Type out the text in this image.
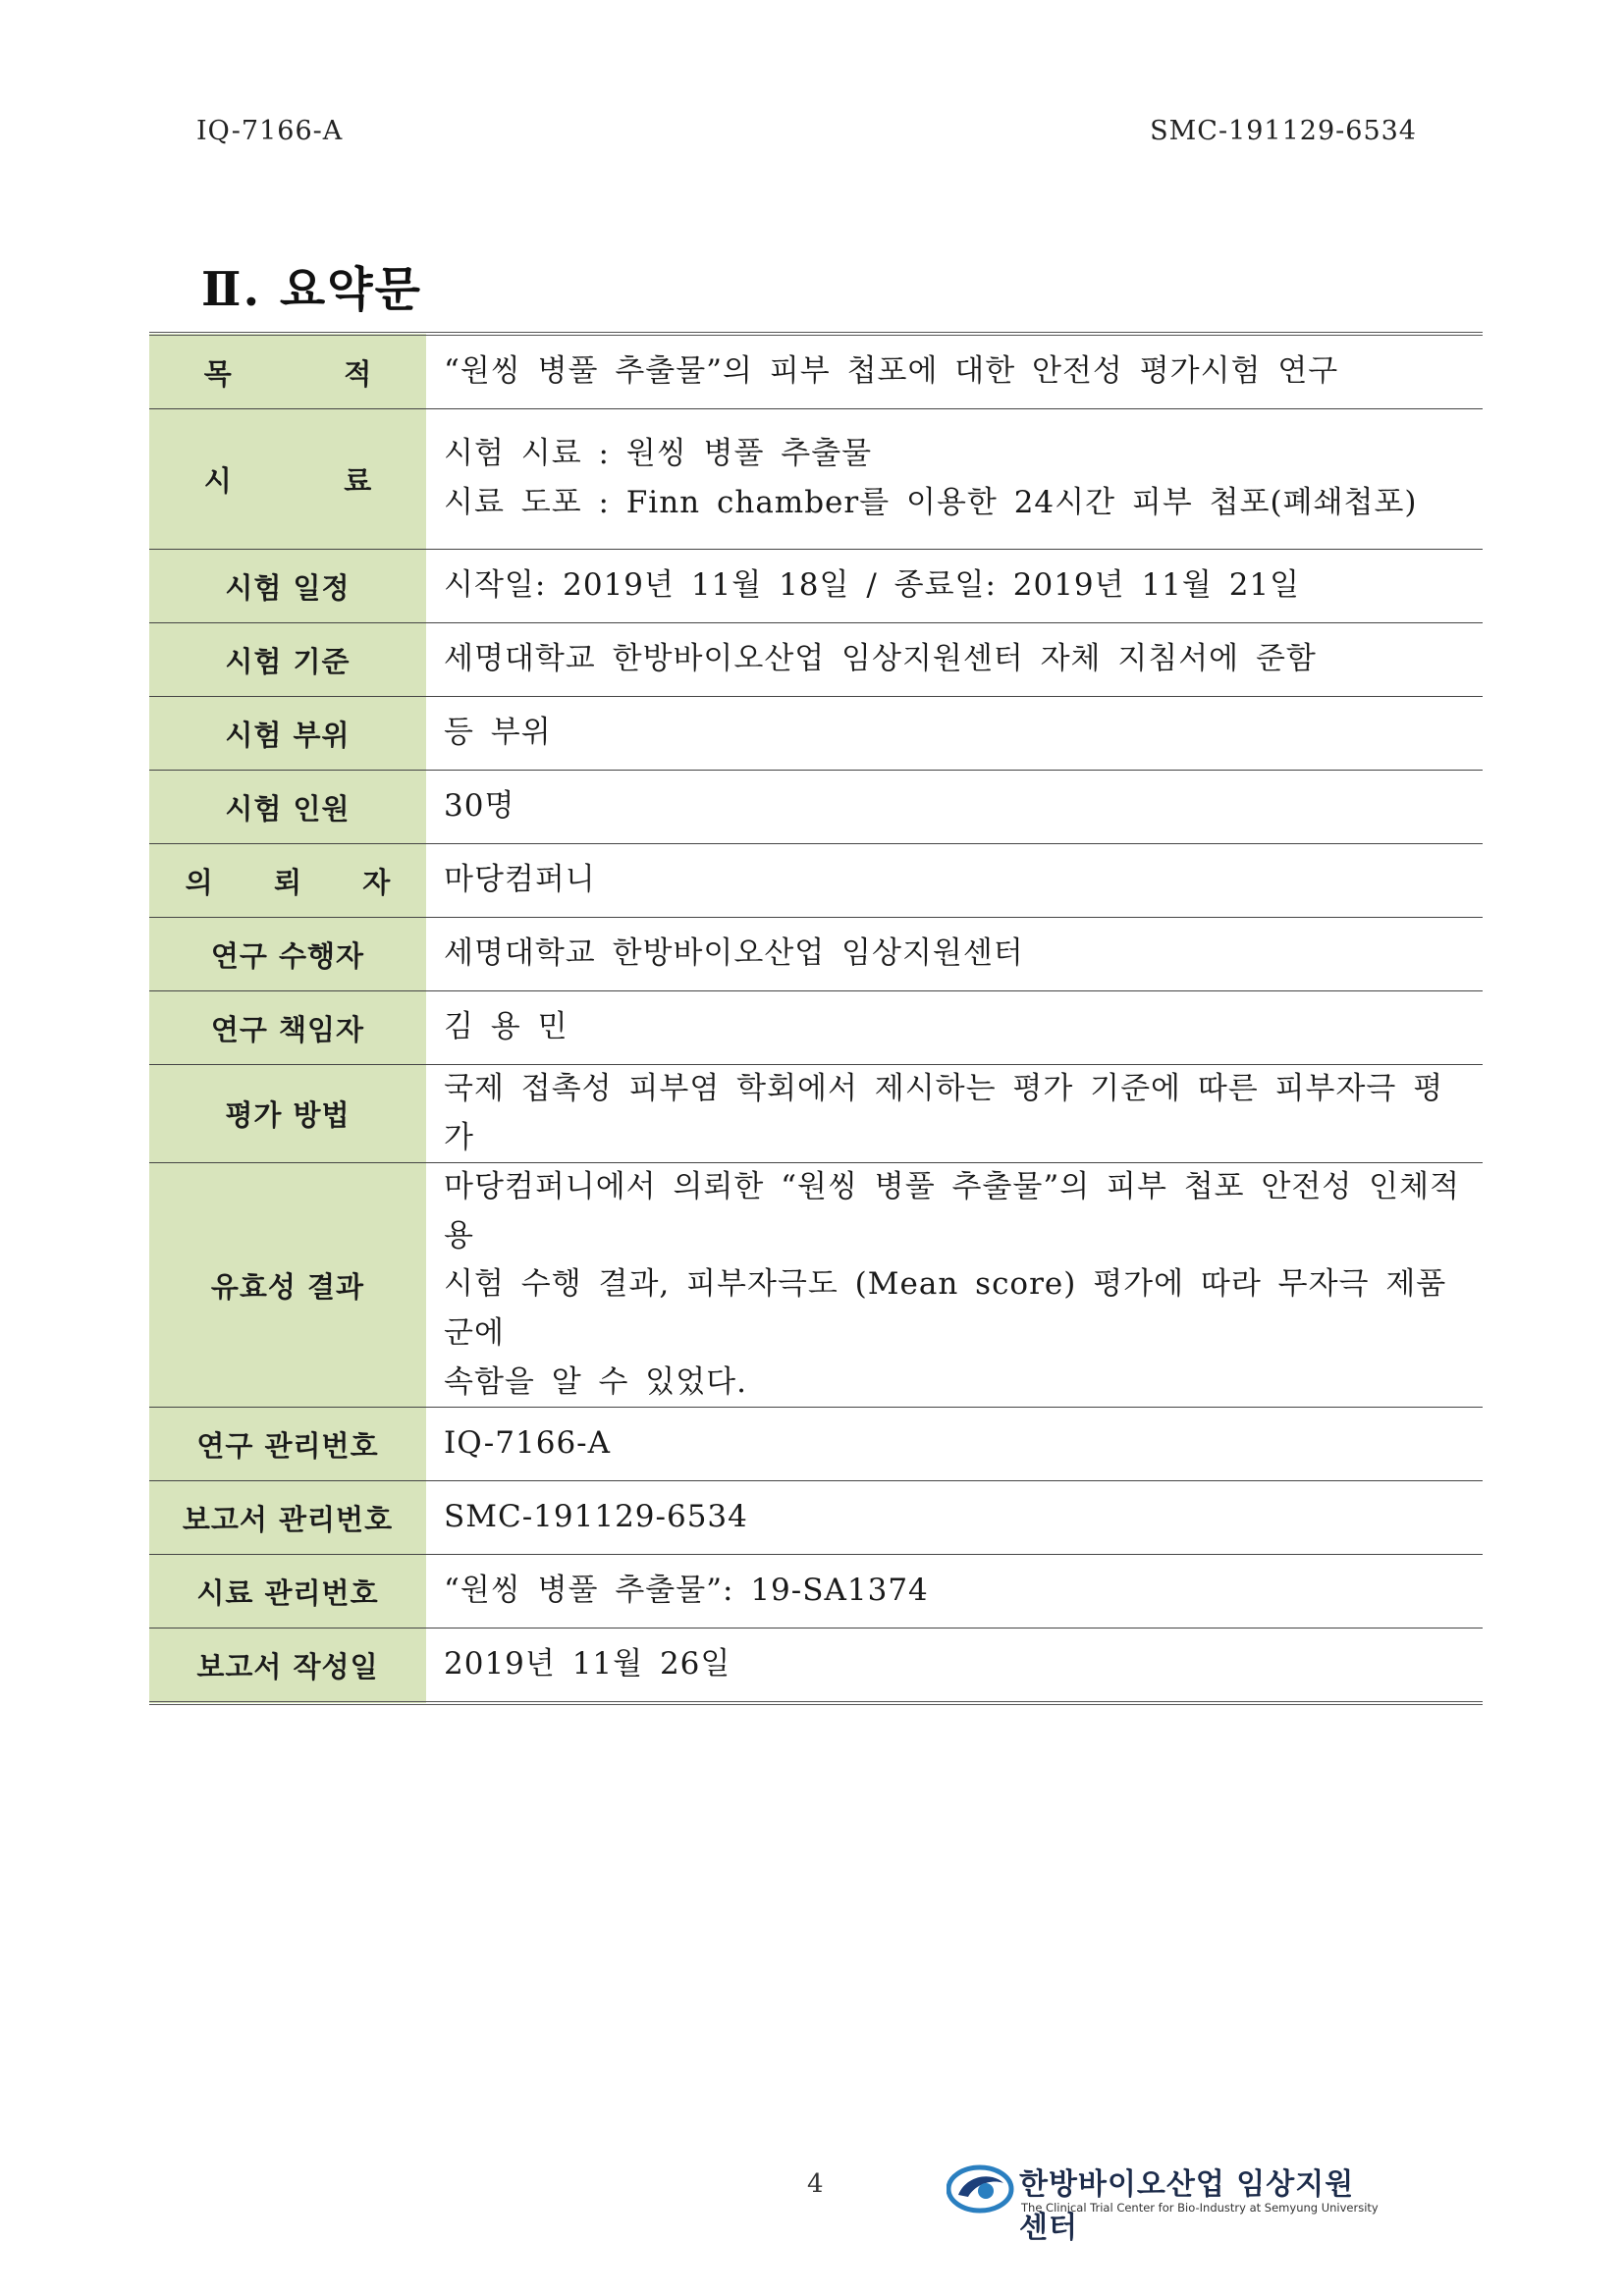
IQ-7166-A	SMC-191129-6534
Ⅱ. 요약문
목 적	“원씽 병풀 추출물”의 피부 첩포에 대한 안전성 평가시험 연구
시 료	시험 시료 : 원씽 병풀 추출물
시료 도포 : Finn chamber를 이용한 24시간 피부 첩포(폐쇄첩포)

시험 일정	시작일: 2019년 11월 18일 / 종료일: 2019년 11월 21일
시험 기준	세명대학교 한방바이오산업 임상지원센터 자체 지침서에 준함
시험 부위	등 부위
시험 인원	30명
의 뢰 자	마당컴퍼니
연구 수행자	세명대학교 한방바이오산업 임상지원센터
연구 책임자	김 용 민
평가 방법	국제 접촉성 피부염 학회에서 제시하는 평가 기준에 따른 피부자극 평가
유효성 결과	마당컴퍼니에서 의뢰한 “원씽 병풀 추출물”의 피부 첩포 안전성 인체적용
시험 수행 결과, 피부자극도 (Mean score) 평가에 따라 무자극 제품군에
속함을 알 수 있었다.

연구 관리번호	IQ-7166-A
보고서 관리번호	SMC-191129-6534
시료 관리번호	“원씽 병풀 추출물”: 19-SA1374
보고서 작성일	2019년 11월 26일
4	한방바이오산업 임상지원센터
The Clinical Trial Center for Bio-Industry at Semyung University
